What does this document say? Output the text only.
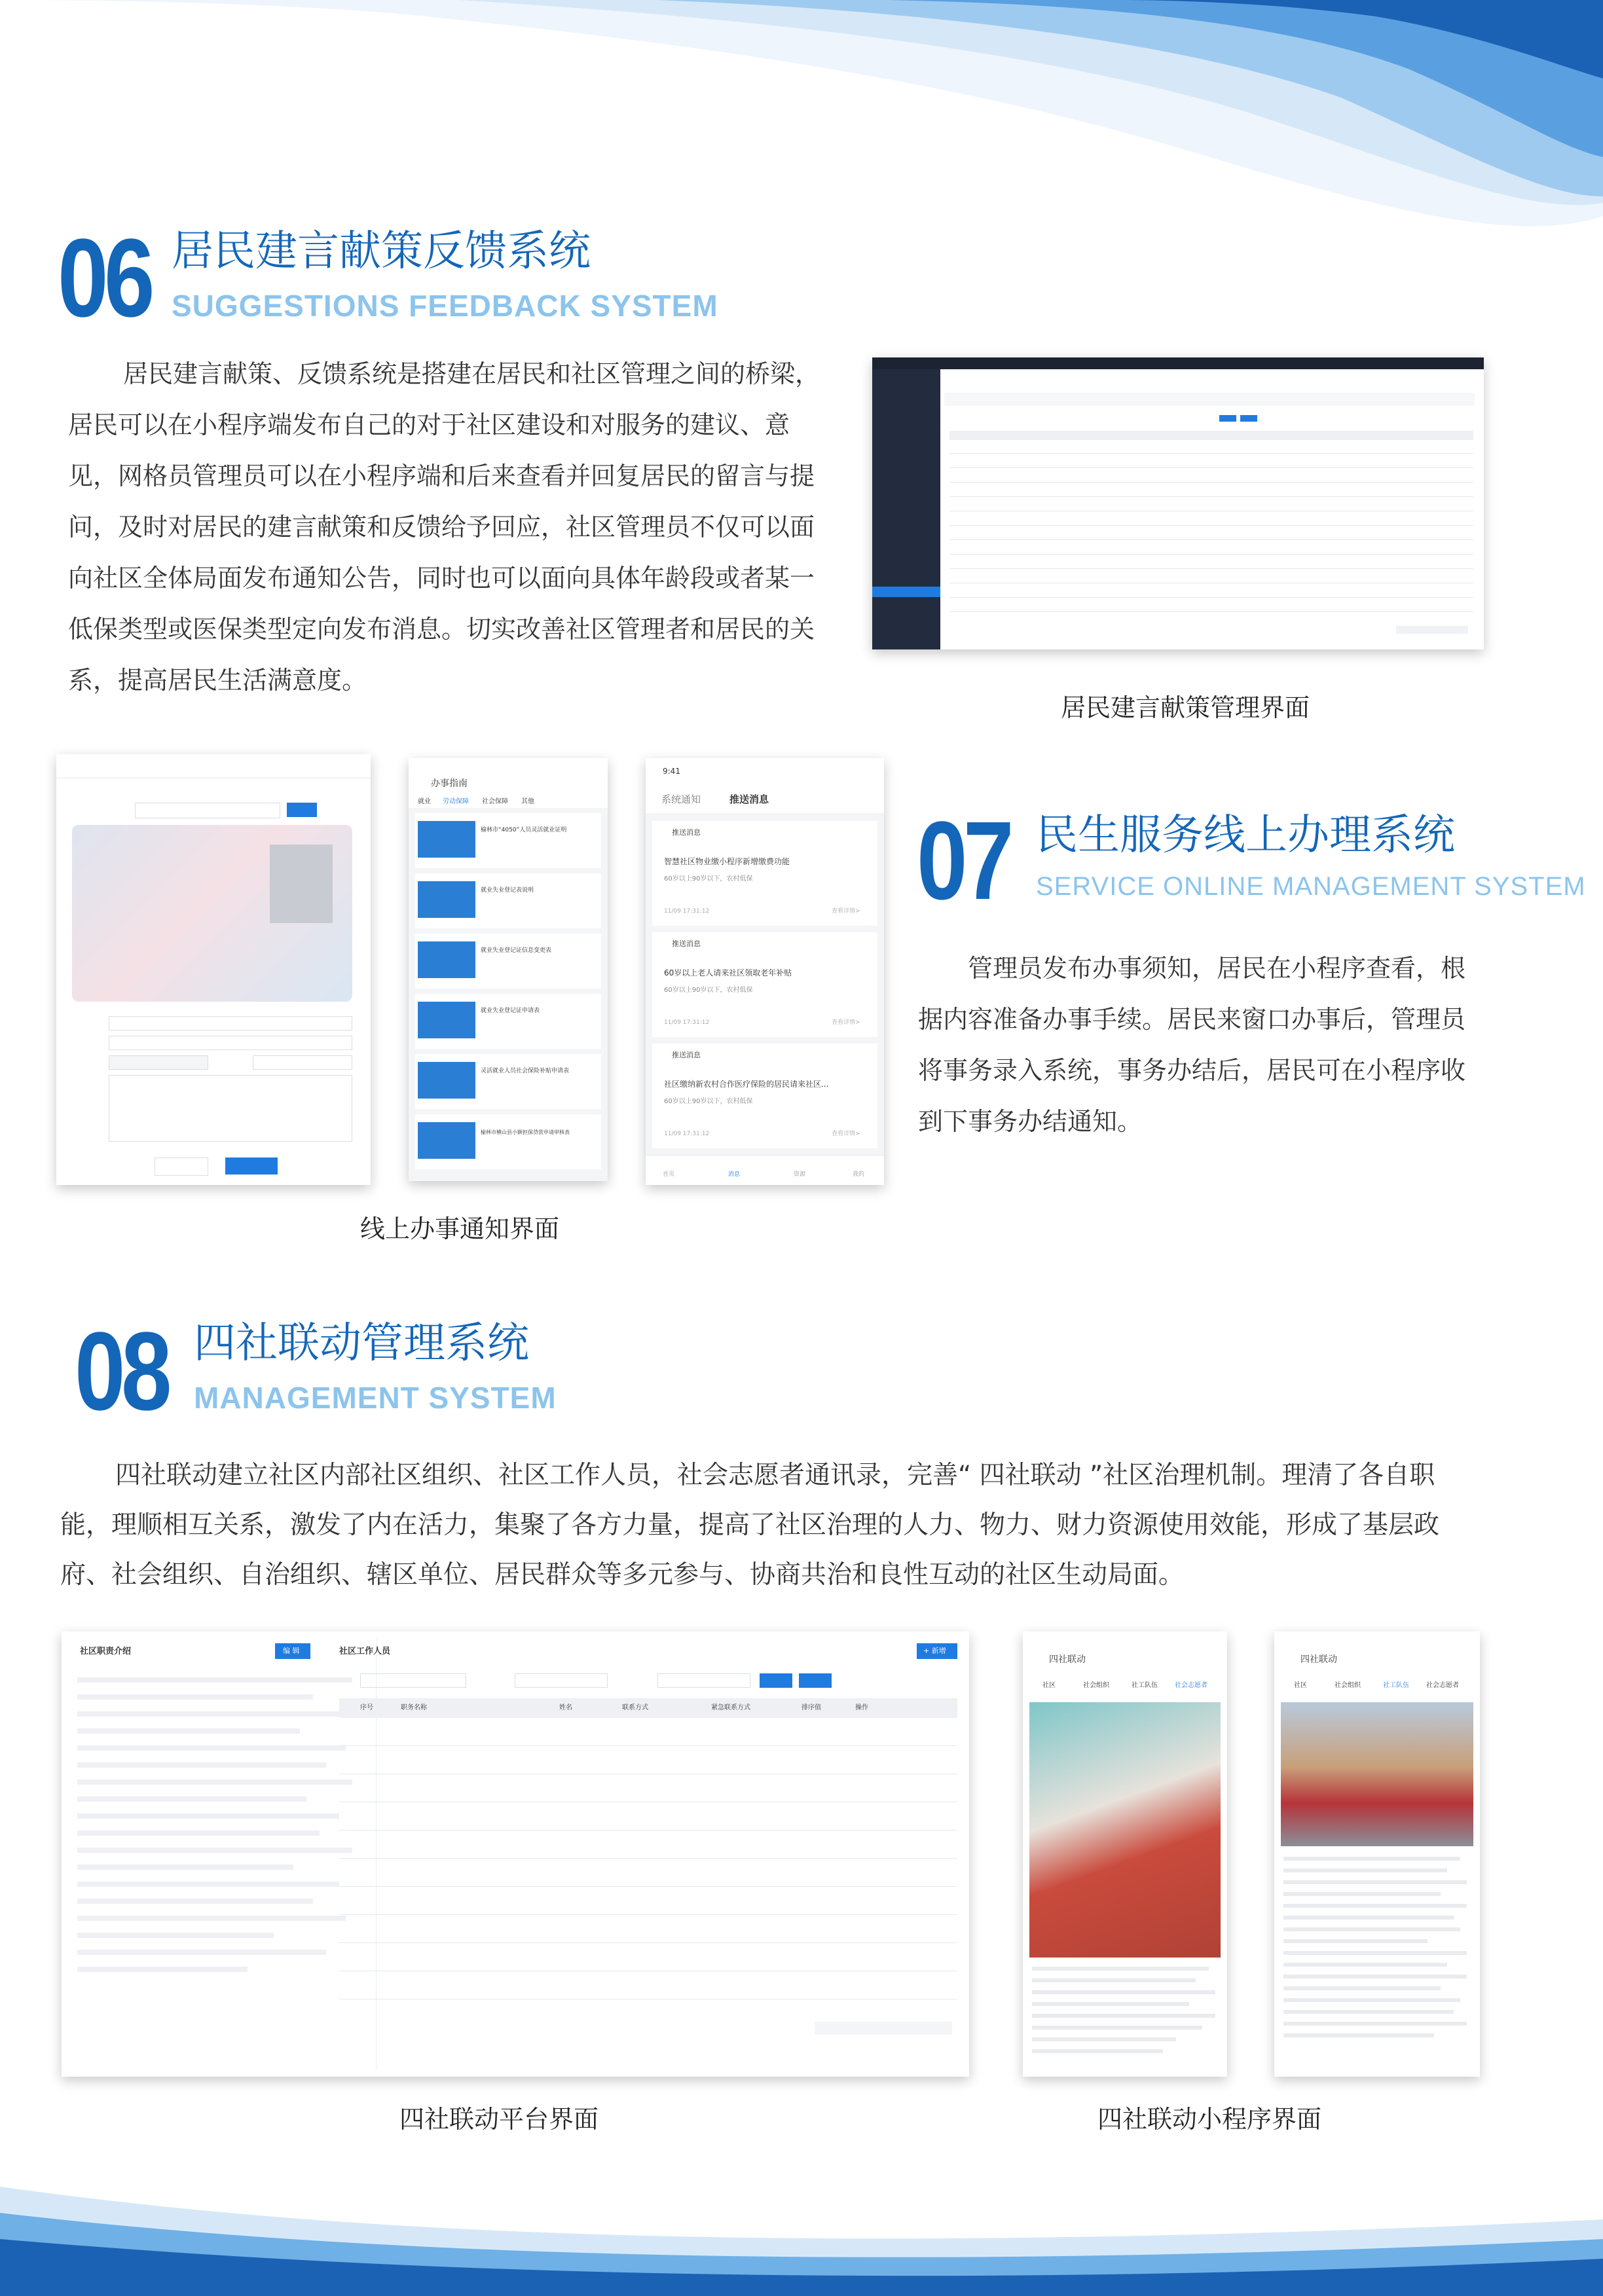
06 居民建言献策反馈系统
SUGGESTIONS FEEDBACK SYSTEM

居民建言献策、反馈系统是搭建在居民和社区管理之间的桥梁，居民可以在小程序端发布自己的对于社区建设和对服务的建议、意见，网格员管理员可以在小程序端和后来查看并回复居民的留言与提问，及时对居民的建言献策和反馈给予回应，社区管理员不仅可以面向社区全体局面发布通知公告，同时也可以面向具体年龄段或者某一低保类型或医保类型定向发布消息。切实改善社区管理者和居民的关系，提高居民生活满意度。

居民建言献策管理界面
办事指南
就业 劳动保障 社会保障 其他
榆林市“4050”人员灵活就业证明
就业失业登记表说明
就业失业登记证信息变更表
就业失业登记证申请表
灵活就业人员社会保险补贴申请表
榆林市横山县小额担保贷款申请审核表
9:41
系统通知	推送消息
推送消息
智慧社区物业缴小程序新增缴费功能
60岁以上90岁以下，农村低保
11/09 17:31:12	查看详情>
推送消息
60岁以上老人请来社区领取老年补贴
60岁以上90岁以下，农村低保
11/09 17:31:12	查看详情>
推送消息
社区缴纳新农村合作医疗保险的居民请来社区...
60岁以上90岁以下，农村低保
11/09 17:31:12	查看详情>
首页	消息	资源	我的
线上办事通知界面
07 民生服务线上办理系统
SERVICE ONLINE MANAGEMENT SYSTEM

管理员发布办事须知，居民在小程序查看，根据内容准备办事手续。居民来窗口办事后，管理员将事务录入系统，事务办结后，居民可在小程序收到下事务办结通知。

08 四社联动管理系统
MANAGEMENT SYSTEM

四社联动建立社区内部社区组织、社区工作人员，社会志愿者通讯录，完善“ 四社联动 ”社区治理机制。理清了各自职能，理顺相互关系，激发了内在活力，集聚了各方力量，提高了社区治理的人力、物力、财力资源使用效能，形成了基层政府、社会组织、自治组织、辖区单位、居民群众等多元参与、协商共治和良性互动的社区生动局面。

社区职责介绍	编 辑	社区工作人员	+ 新增
序号	职务名称	姓名	联系方式	紧急联系方式	排序值	操作
四社联动
社区	社会组织	社工队伍	社会志愿者
四社联动
社区	社会组织	社工队伍	社会志愿者
四社联动平台界面	四社联动小程序界面
